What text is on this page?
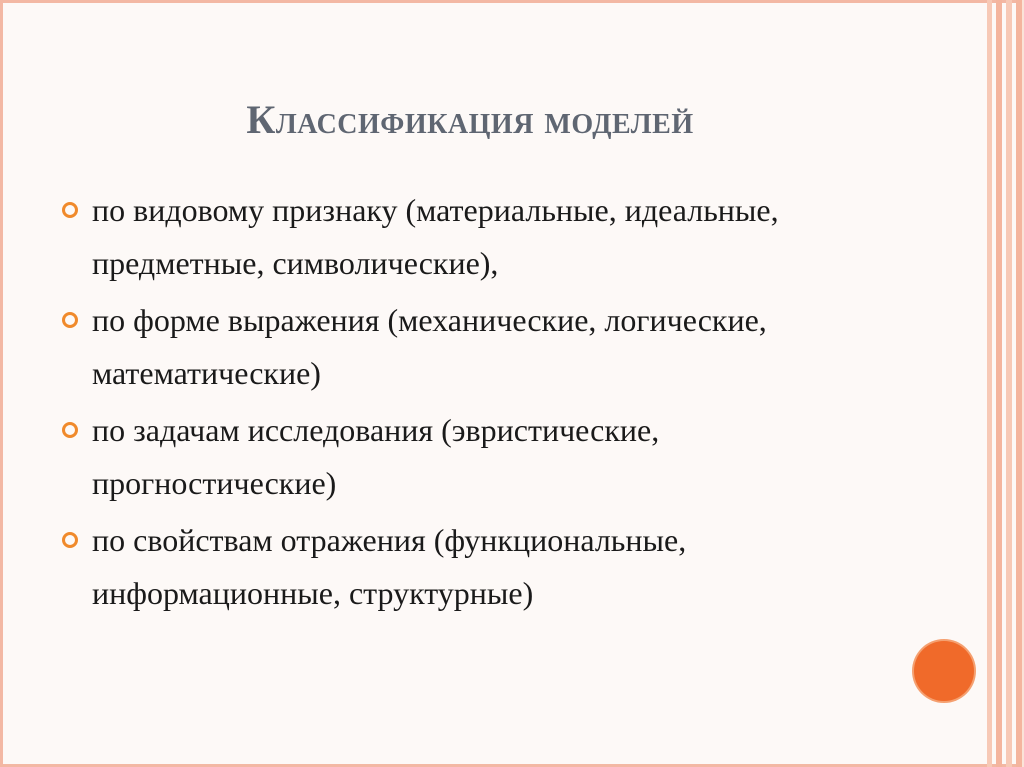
Классификация моделей
по видовому признаку (материальные, идеальные, предметные, символические),
по форме выражения (механические, логические, математические)
по задачам исследования (эвристические, прогностические)
по свойствам отражения (функциональные, информационные, структурные)
